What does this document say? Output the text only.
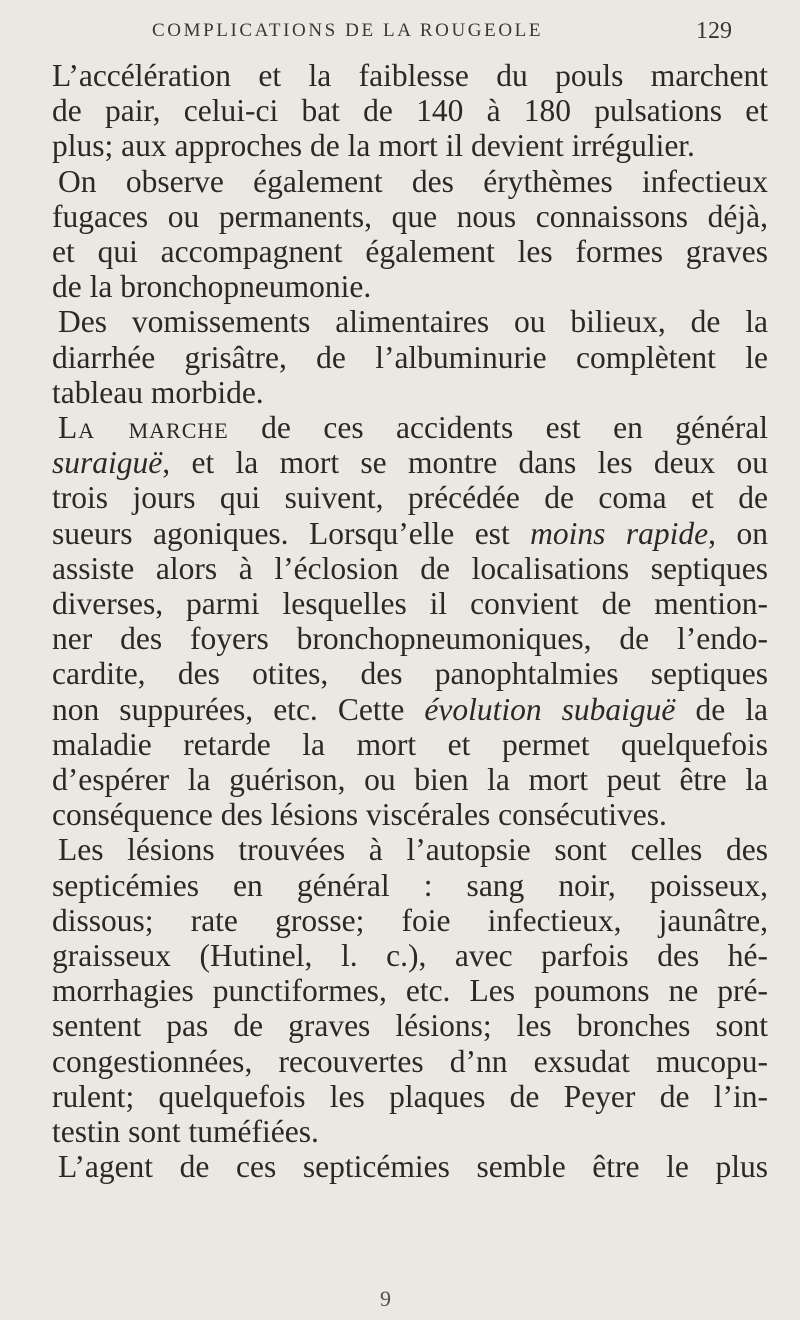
COMPLICATIONS DE LA ROUGEOLE	129
L’accélération et la faiblesse du pouls marchent
de pair, celui-ci bat de 140 à 180 pulsations et
plus; aux approches de la mort il devient irrégulier.
On observe également des érythèmes infectieux
fugaces ou permanents, que nous connaissons déjà,
et qui accompagnent également les formes graves
de la bronchopneumonie.
Des vomissements alimentaires ou bilieux, de la
diarrhée grisâtre, de l’albuminurie complètent le
tableau morbide.
La marche de ces accidents est en général
suraiguë, et la mort se montre dans les deux ou
trois jours qui suivent, précédée de coma et de
sueurs agoniques. Lorsqu’elle est moins rapide, on
assiste alors à l’éclosion de localisations septiques
diverses, parmi lesquelles il convient de mention-
ner des foyers bronchopneumoniques, de l’endo-
cardite, des otites, des panophtalmies septiques
non suppurées, etc. Cette évolution subaiguë de la
maladie retarde la mort et permet quelquefois
d’espérer la guérison, ou bien la mort peut être la
conséquence des lésions viscérales consécutives.
Les lésions trouvées à l’autopsie sont celles des
septicémies en général : sang noir, poisseux,
dissous; rate grosse; foie infectieux, jaunâtre,
graisseux (Hutinel, l. c.), avec parfois des hé-
morrhagies punctiformes, etc. Les poumons ne pré-
sentent pas de graves lésions; les bronches sont
congestionnées, recouvertes d’nn exsudat mucopu-
rulent; quelquefois les plaques de Peyer de l’in-
testin sont tuméfiées.
L’agent de ces septicémies semble être le plus
9
